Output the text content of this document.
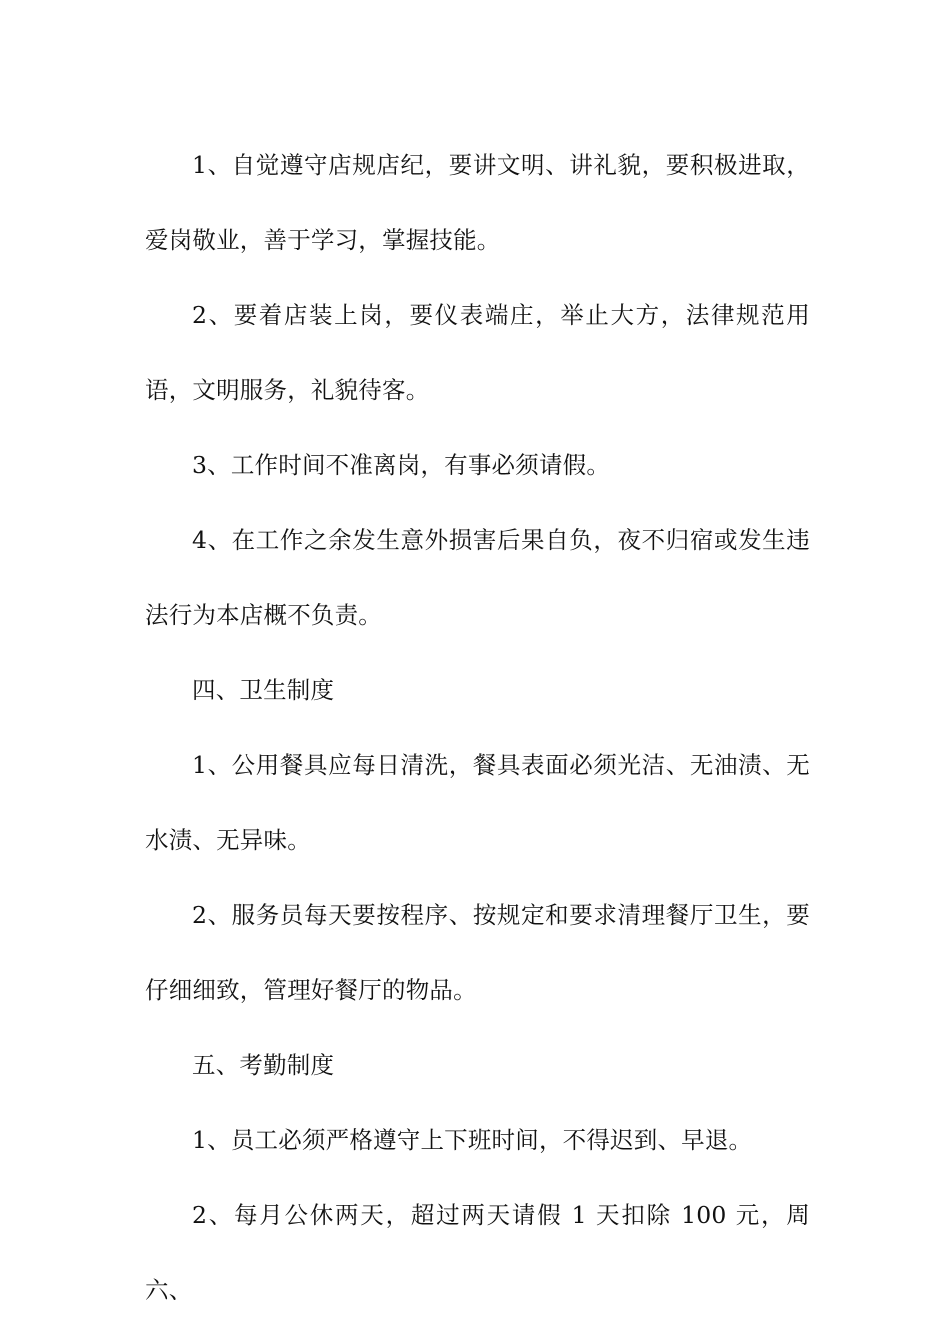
1、自觉遵守店规店纪，要讲文明、讲礼貌，要积极进取，爱岗敬业，善于学习，掌握技能。

2、要着店装上岗，要仪表端庄，举止大方，法律规范用语，文明服务，礼貌待客。

3、工作时间不准离岗，有事必须请假。

4、在工作之余发生意外损害后果自负，夜不归宿或发生违法行为本店概不负责。

四、卫生制度

1、公用餐具应每日清洗，餐具表面必须光洁、无油渍、无水渍、无异味。

2、服务员每天要按程序、按规定和要求清理餐厅卫生，要仔细细致，管理好餐厅的物品。

五、考勤制度

1、员工必须严格遵守上下班时间，不得迟到、早退。

2、每月公休两天，超过两天请假 1 天扣除 100 元，周六、
